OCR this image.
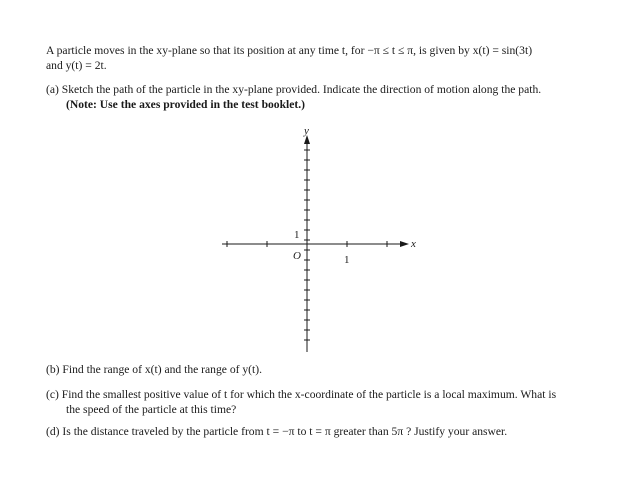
A particle moves in the xy-plane so that its position at any time t, for −π ≤ t ≤ π, is given by x(t) = sin(3t)
and y(t) = 2t.
(a) Sketch the path of the particle in the xy-plane provided. Indicate the direction of motion along the path.
(Note: Use the axes provided in the test booklet.)
x
y
O	1
1
(b) Find the range of x(t) and the range of y(t).
(c) Find the smallest positive value of t for which the x-coordinate of the particle is a local maximum. What is
the speed of the particle at this time?
(d) Is the distance traveled by the particle from t = −π to t = π greater than 5π ? Justify your answer.
